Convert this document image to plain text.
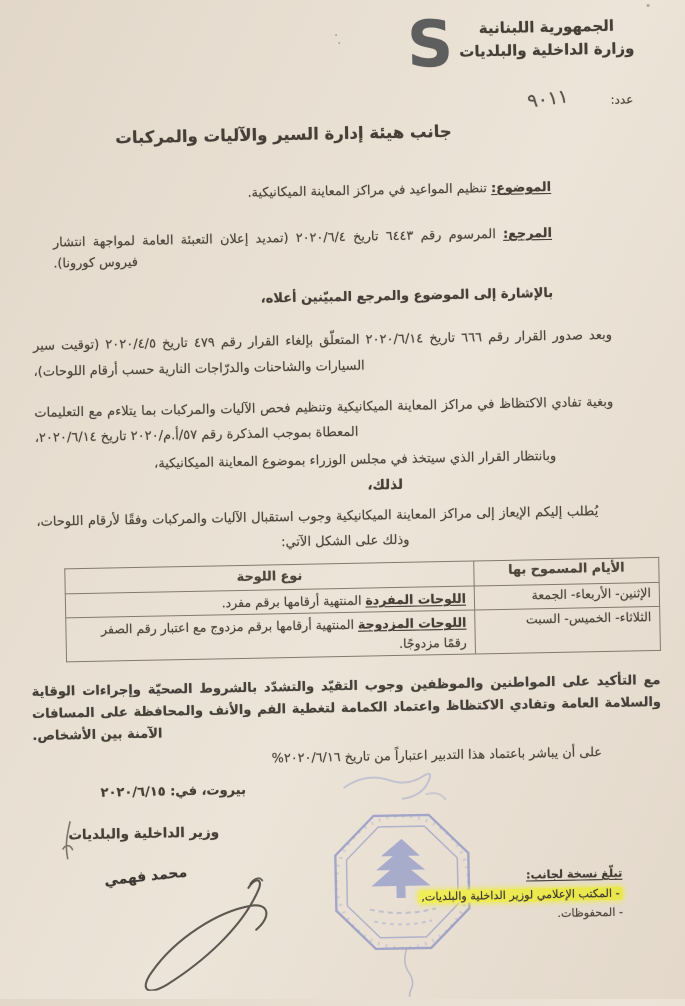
S	الجمهورية اللبنانية
وزارة الداخلية والبلديات
عدد: ٩٠١١
جانب هيئة إدارة السير والآليات والمركبات
الموضوع: تنظيم المواعيد في مراكز المعاينة الميكانيكية.
المرجع: المرسوم رقم ٦٤٤٣ تاريخ ٢٠٢٠/٦/٤ (تمديد إعلان التعبئة العامة لمواجهة انتشار فيروس كورونا).
بالإشارة إلى الموضوع والمرجع المبيّنين أعلاه،
وبعد صدور القرار رقم ٦٦٦ تاريخ ٢٠٢٠/٦/١٤ المتعلّق بإلغاء القرار رقم ٤٧٩ تاريخ ٢٠٢٠/٤/٥ (توقيت سير السيارات والشاحنات والدرّاجات النارية حسب أرقام اللوحات)،
وبغية تفادي الاكتظاظ في مراكز المعاينة الميكانيكية وتنظيم فحص الآليات والمركبات بما يتلاءم مع التعليمات المعطاة بموجب المذكرة رقم ٥٧/أ.م/٢٠٢٠ تاريخ ٢٠٢٠/٦/١٤،
وبانتظار القرار الذي سيتخذ في مجلس الوزراء بموضوع المعاينة الميكانيكية،
لذلك،
يُطلب إليكم الإيعاز إلى مراكز المعاينة الميكانيكية وجوب استقبال الآليات والمركبات وفقًا لأرقام اللوحات، وذلك على الشكل الآتي:
الأيام المسموح بها	نوع اللوحة
الإثنين- الأربعاء- الجمعة	اللوحات المفردة المنتهية أرقامها برقم مفرد.
الثلاثاء- الخميس- السبت	اللوحات المزدوجة المنتهية أرقامها برقم مزدوج مع اعتبار رقم الصفر رقمًا مزدوجًا.
مع التأكيد على المواطنين والموظفين وجوب التقيّد والتشدّد بالشروط الصحيّة وإجراءات الوقاية والسلامة العامة وتفادي الاكتظاظ واعتماد الكمامة لتغطية الفم والأنف والمحافظة على المسافات الآمنة بين الأشخاص.
على أن يباشر باعتماد هذا التدبير اعتباراً من تاريخ ٢٠٢٠/٦/١٦%
بيروت، في: ٢٠٢٠/٦/١٥
وزير الداخلية والبلديات
محمد فهمي	تبلّغ نسخة لجانب:
- المكتب الإعلامي لوزير الداخلية والبلديات,
- المحفوظات.
